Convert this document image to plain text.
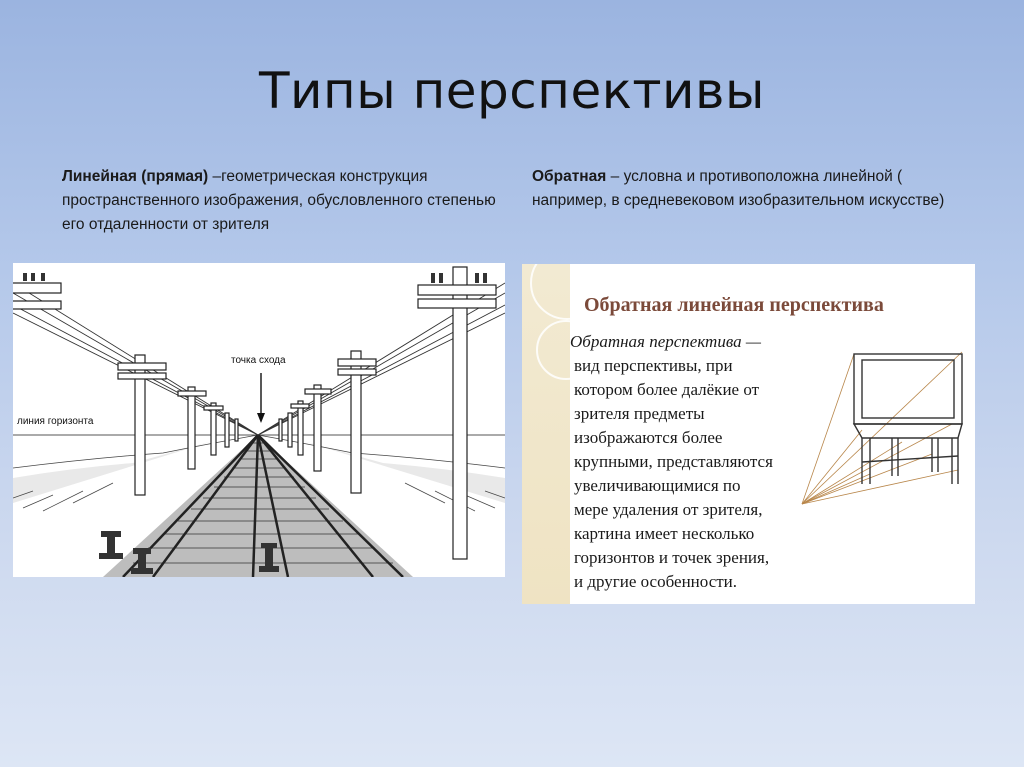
Типы перспективы
Линейная (прямая) –геометрическая конструкция пространственного изображения, обусловленного степенью его отдаленности от зрителя
Обратная – условна и противоположна линейной ( например, в средневековом изобразительном искусстве)
точка схода
линия горизонта
Обратная линейная перспектива
Обратная перспектива —
вид перспективы, при
котором более далёкие от
зрителя предметы
изображаются более
крупными, представляются
увеличивающимися по
мере удаления от зрителя,
картина имеет несколько
горизонтов и точек зрения,
и другие особенности.
